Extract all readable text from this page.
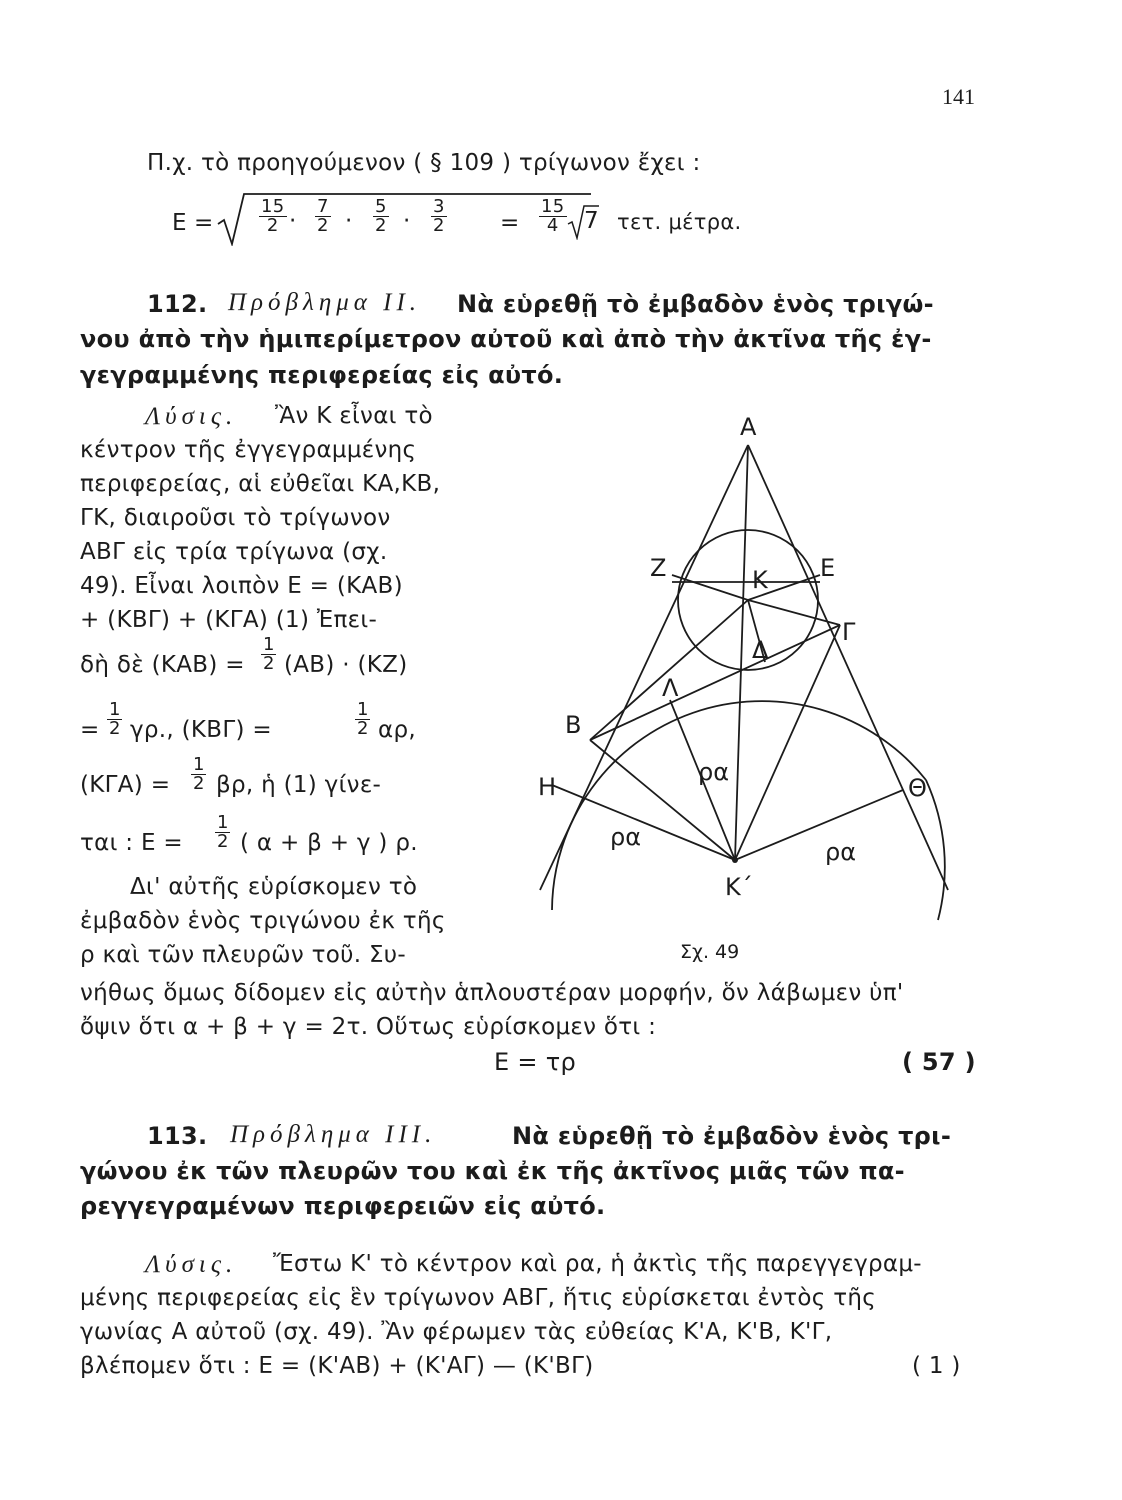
141
Π.χ. τὸ προηγούμενον ( § 109 ) τρίγωνον ἔχει :
E =	$\frac{15}{2} \cdot \frac{7}{2} \cdot \frac{5}{2} \cdot \frac{3}{2} = \frac{15}{4} 7$ τετ. μέτρα.
112. Πρόβλημα ΙΙ. Νὰ εὑρεθῇ τὸ ἐμβαδὸν ἑνὸς τριγώ-
νου ἀπὸ τὴν ἡμιπερίμετρον αὐτοῦ καὶ ἀπὸ τὴν ἀκτῖνα τῆς ἐγ-
γεγραμμένης περιφερείας εἰς αὐτό.
Λύσις. Ἂν Κ εἶναι τὸ
κέντρον τῆς ἐγγεγραμμένης
περιφερείας, αἱ εὐθεῖαι ΚΑ,ΚΒ,
ΓΚ, διαιροῦσι τὸ τρίγωνον
ΑΒΓ εἰς τρία τρίγωνα (σχ.
49). Εἶναι λοιπὸν Ε = (ΚΑΒ)
+ (ΚΒΓ) + (ΚΓΑ) (1) Ἐπει-
δὴ δὲ $(KAB) = \frac{1}{2} (AB) \cdot (KZ)$
= $\frac{1}{2} \gamma\rho$., (ΚΒΓ) =	$\frac{1}{2} \alpha\rho$,
$(K\Gamma A) = \frac{1}{2} \beta\rho$, ἡ (1) γίνε-
ται : $E = \frac{1}{2}$ ( α + β + γ ) ρ.
Δι' αὐτῆς εὑρίσκομεν τὸ
ἐμβαδὸν ἑνὸς τριγώνου ἐκ τῆς
ρ καὶ τῶν πλευρῶν τοῦ. Συ-
νήθως ὅμως δίδομεν εἰς αὐτὴν ἁπλουστέραν μορφήν, ὅν λάβωμεν ὑπ'
ὄψιν ὅτι α + β + γ = 2τ. Οὕτως εὑρίσκομεν ὅτι :
Ε = τρ	( 57 )
Α
Β
Γ
Δ
Ε
Ζ	Κ
Λ
Η	Θ
Κ΄
ρα
ρα
ρα
Σχ. 49
113. Πρόβλημα ΙΙΙ.	Νὰ εὑρεθῇ τὸ ἐμβαδὸν ἑνὸς τρι-
γώνου ἐκ τῶν πλευρῶν του καὶ ἐκ τῆς ἀκτῖνος μιᾶς τῶν πα-
ρεγγεγραμένων περιφερειῶν εἰς αὐτό.
Λύσις. Ἔστω Κ' τὸ κέντρον καὶ ρα, ἡ ἀκτὶς τῆς παρεγγεγραμ-
μένης περιφερείας εἰς ἓν τρίγωνον ΑΒΓ, ἥτις εὑρίσκεται ἐντὸς τῆς
γωνίας Α αὐτοῦ (σχ. 49). Ἂν φέρωμεν τὰς εὐθείας Κ'Α, Κ'Β, Κ'Γ,
βλέπομεν ὅτι : Ε = (Κ'ΑΒ) + (Κ'ΑΓ) — (Κ'ΒΓ)	( 1 )
